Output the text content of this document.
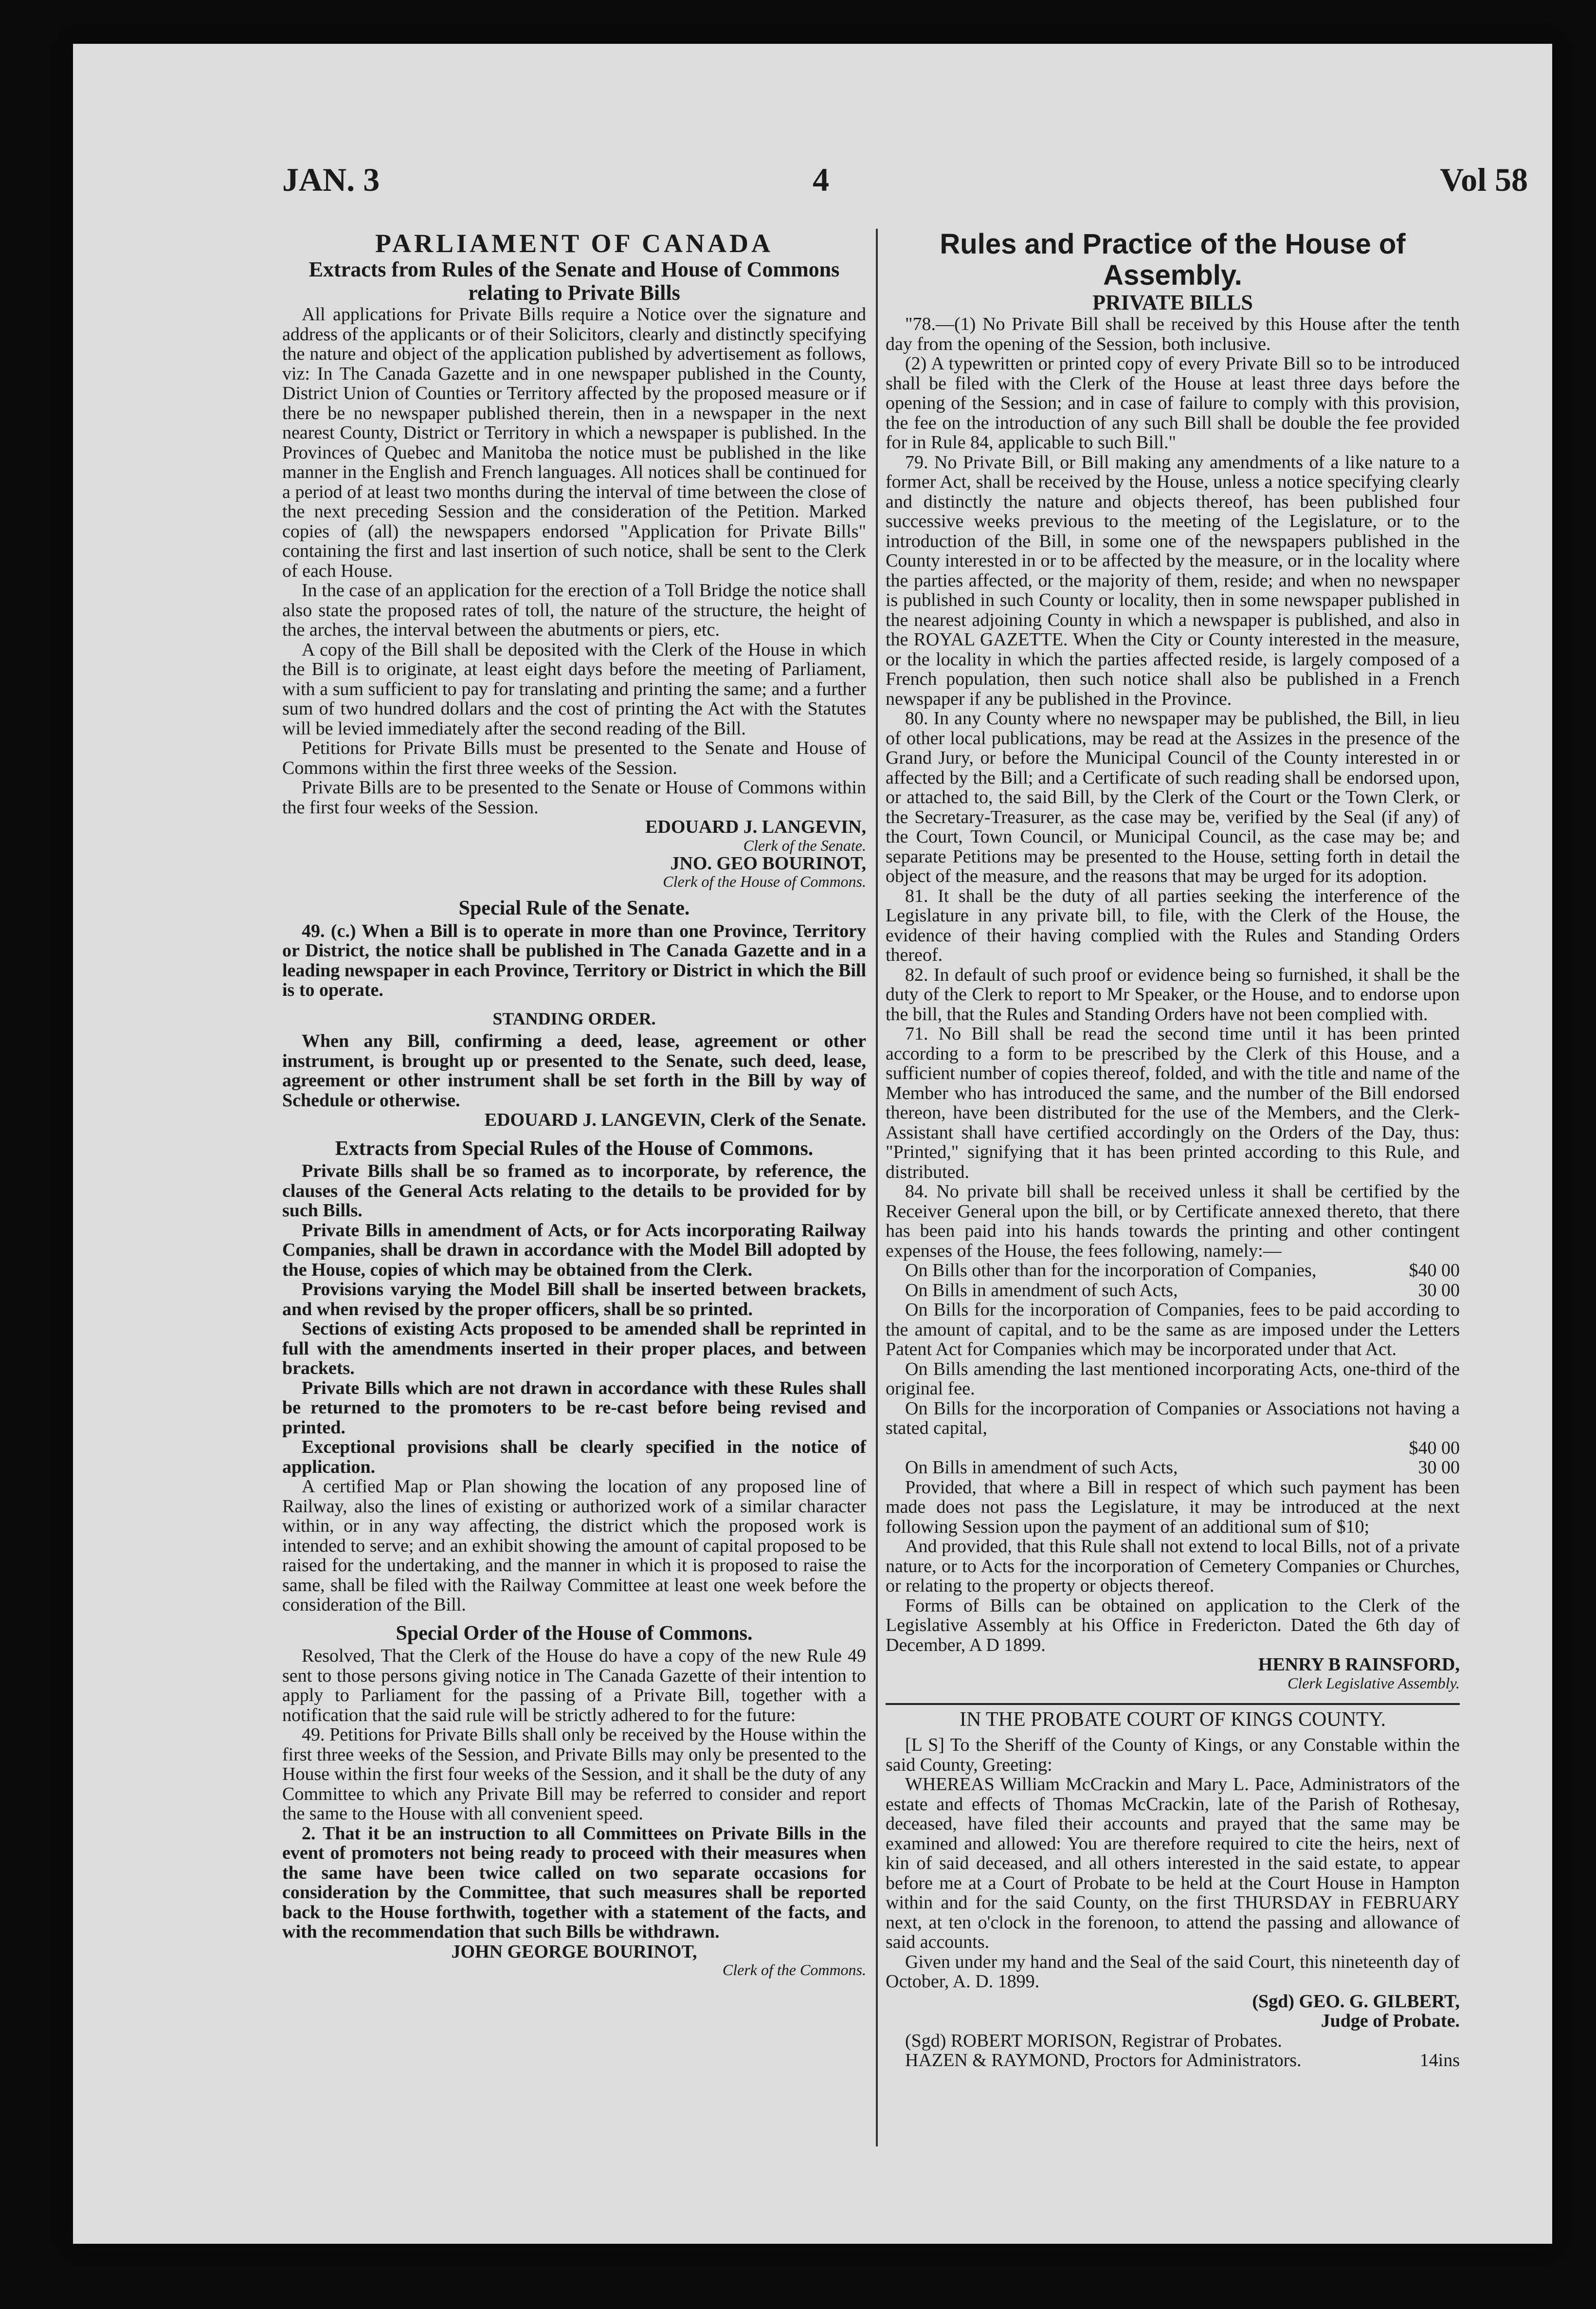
JAN. 3	4	Vol 58
PARLIAMENT OF CANADA
Extracts from Rules of the Senate and House of Commons relating to Private Bills

All applications for Private Bills require a Notice over the signature and address of the applicants or of their Solicitors, clearly and distinctly specifying the nature and object of the application published by advertisement as follows, viz: In The Canada Gazette and in one newspaper published in the County, District Union of Counties or Territory affected by the proposed measure or if there be no newspaper published therein, then in a newspaper in the next nearest County, District or Territory in which a newspaper is published. In the Provinces of Quebec and Manitoba the notice must be published in the like manner in the English and French languages. All notices shall be continued for a period of at least two months during the interval of time between the close of the next preceding Session and the consideration of the Petition. Marked copies of (all) the newspapers endorsed "Application for Private Bills" containing the first and last insertion of such notice, shall be sent to the Clerk of each House.

In the case of an application for the erection of a Toll Bridge the notice shall also state the proposed rates of toll, the nature of the structure, the height of the arches, the interval between the abutments or piers, etc.

A copy of the Bill shall be deposited with the Clerk of the House in which the Bill is to originate, at least eight days before the meeting of Parliament, with a sum sufficient to pay for translating and printing the same; and a further sum of two hundred dollars and the cost of printing the Act with the Statutes will be levied immediately after the second reading of the Bill.

Petitions for Private Bills must be presented to the Senate and House of Commons within the first three weeks of the Session.

Private Bills are to be presented to the Senate or House of Commons within the first four weeks of the Session.

EDOUARD J. LANGEVIN,
Clerk of the Senate.
JNO. GEO BOURINOT,
Clerk of the House of Commons.
Special Rule of the Senate.

49. (c.) When a Bill is to operate in more than one Province, Territory or District, the notice shall be published in The Canada Gazette and in a leading newspaper in each Province, Territory or District in which the Bill is to operate.

STANDING ORDER.

When any Bill, confirming a deed, lease, agreement or other instrument, is brought up or presented to the Senate, such deed, lease, agreement or other instrument shall be set forth in the Bill by way of Schedule or otherwise.

EDOUARD J. LANGEVIN, Clerk of the Senate.
Extracts from Special Rules of the House of Commons.

Private Bills shall be so framed as to incorporate, by reference, the clauses of the General Acts relating to the details to be provided for by such Bills.

Private Bills in amendment of Acts, or for Acts incorporating Railway Companies, shall be drawn in accordance with the Model Bill adopted by the House, copies of which may be obtained from the Clerk.

Provisions varying the Model Bill shall be inserted between brackets, and when revised by the proper officers, shall be so printed.

Sections of existing Acts proposed to be amended shall be reprinted in full with the amendments inserted in their proper places, and between brackets.

Private Bills which are not drawn in accordance with these Rules shall be returned to the promoters to be re-cast before being revised and printed.

Exceptional provisions shall be clearly specified in the notice of application.

A certified Map or Plan showing the location of any proposed line of Railway, also the lines of existing or authorized work of a similar character within, or in any way affecting, the district which the proposed work is intended to serve; and an exhibit showing the amount of capital proposed to be raised for the undertaking, and the manner in which it is proposed to raise the same, shall be filed with the Railway Committee at least one week before the consideration of the Bill.

Special Order of the House of Commons.

Resolved, That the Clerk of the House do have a copy of the new Rule 49 sent to those persons giving notice in The Canada Gazette of their intention to apply to Parliament for the passing of a Private Bill, together with a notification that the said rule will be strictly adhered to for the future:

49. Petitions for Private Bills shall only be received by the House within the first three weeks of the Session, and Private Bills may only be presented to the House within the first four weeks of the Session, and it shall be the duty of any Committee to which any Private Bill may be referred to consider and report the same to the House with all convenient speed.

2. That it be an instruction to all Committees on Private Bills in the event of promoters not being ready to proceed with their measures when the same have been twice called on two separate occasions for consideration by the Committee, that such measures shall be reported back to the House forthwith, together with a statement of the facts, and with the recommendation that such Bills be withdrawn.

JOHN GEORGE BOURINOT,
Clerk of the Commons.
Rules and Practice of the House of Assembly.
PRIVATE BILLS

"78.—(1) No Private Bill shall be received by this House after the tenth day from the opening of the Session, both inclusive.

(2) A typewritten or printed copy of every Private Bill so to be introduced shall be filed with the Clerk of the House at least three days before the opening of the Session; and in case of failure to comply with this provision, the fee on the introduction of any such Bill shall be double the fee provided for in Rule 84, applicable to such Bill."

79. No Private Bill, or Bill making any amendments of a like nature to a former Act, shall be received by the House, unless a notice specifying clearly and distinctly the nature and objects thereof, has been published four successive weeks previous to the meeting of the Legislature, or to the introduction of the Bill, in some one of the newspapers published in the County interested in or to be affected by the measure, or in the locality where the parties affected, or the majority of them, reside; and when no newspaper is published in such County or locality, then in some newspaper published in the nearest adjoining County in which a newspaper is published, and also in the ROYAL GAZETTE. When the City or County interested in the measure, or the locality in which the parties affected reside, is largely composed of a French population, then such notice shall also be published in a French newspaper if any be published in the Province.

80. In any County where no newspaper may be published, the Bill, in lieu of other local publications, may be read at the Assizes in the presence of the Grand Jury, or before the Municipal Council of the County interested in or affected by the Bill; and a Certificate of such reading shall be endorsed upon, or attached to, the said Bill, by the Clerk of the Court or the Town Clerk, or the Secretary-Treasurer, as the case may be, verified by the Seal (if any) of the Court, Town Council, or Municipal Council, as the case may be; and separate Petitions may be presented to the House, setting forth in detail the object of the measure, and the reasons that may be urged for its adoption.

81. It shall be the duty of all parties seeking the interference of the Legislature in any private bill, to file, with the Clerk of the House, the evidence of their having complied with the Rules and Standing Orders thereof.

82. In default of such proof or evidence being so furnished, it shall be the duty of the Clerk to report to Mr Speaker, or the House, and to endorse upon the bill, that the Rules and Standing Orders have not been complied with.

71. No Bill shall be read the second time until it has been printed according to a form to be prescribed by the Clerk of this House, and a sufficient number of copies thereof, folded, and with the title and name of the Member who has introduced the same, and the number of the Bill endorsed thereon, have been distributed for the use of the Members, and the Clerk-Assistant shall have certified accordingly on the Orders of the Day, thus: "Printed," signifying that it has been printed according to this Rule, and distributed.

84. No private bill shall be received unless it shall be certified by the Receiver General upon the bill, or by Certificate annexed thereto, that there has been paid into his hands towards the printing and other contingent expenses of the House, the fees following, namely:—

On Bills other than for the incorporation of Companies,	$40 00
On Bills in amendment of such Acts,	30 00

On Bills for the incorporation of Companies, fees to be paid according to the amount of capital, and to be the same as are imposed under the Letters Patent Act for Companies which may be incorporated under that Act.

On Bills amending the last mentioned incorporating Acts, one-third of the original fee.

On Bills for the incorporation of Companies or Associations not having a stated capital,

$40 00
On Bills in amendment of such Acts,	30 00

Provided, that where a Bill in respect of which such payment has been made does not pass the Legislature, it may be introduced at the next following Session upon the payment of an additional sum of $10;

And provided, that this Rule shall not extend to local Bills, not of a private nature, or to Acts for the incorporation of Cemetery Companies or Churches, or relating to the property or objects thereof.

Forms of Bills can be obtained on application to the Clerk of the Legislative Assembly at his Office in Fredericton. Dated the 6th day of December, A D 1899.

HENRY B RAINSFORD,
Clerk Legislative Assembly.
IN THE PROBATE COURT OF KINGS COUNTY.

[L S] To the Sheriff of the County of Kings, or any Constable within the said County, Greeting:

WHEREAS William McCrackin and Mary L. Pace, Administrators of the estate and effects of Thomas McCrackin, late of the Parish of Rothesay, deceased, have filed their accounts and prayed that the same may be examined and allowed: You are therefore required to cite the heirs, next of kin of said deceased, and all others interested in the said estate, to appear before me at a Court of Probate to be held at the Court House in Hampton within and for the said County, on the first THURSDAY in FEBRUARY next, at ten o'clock in the forenoon, to attend the passing and allowance of said accounts.

Given under my hand and the Seal of the said Court, this nineteenth day of October, A. D. 1899.

(Sgd) GEO. G. GILBERT,
Judge of Probate.

(Sgd) ROBERT MORISON, Registrar of Probates.

HAZEN & RAYMOND, Proctors for Administrators.	14ins
